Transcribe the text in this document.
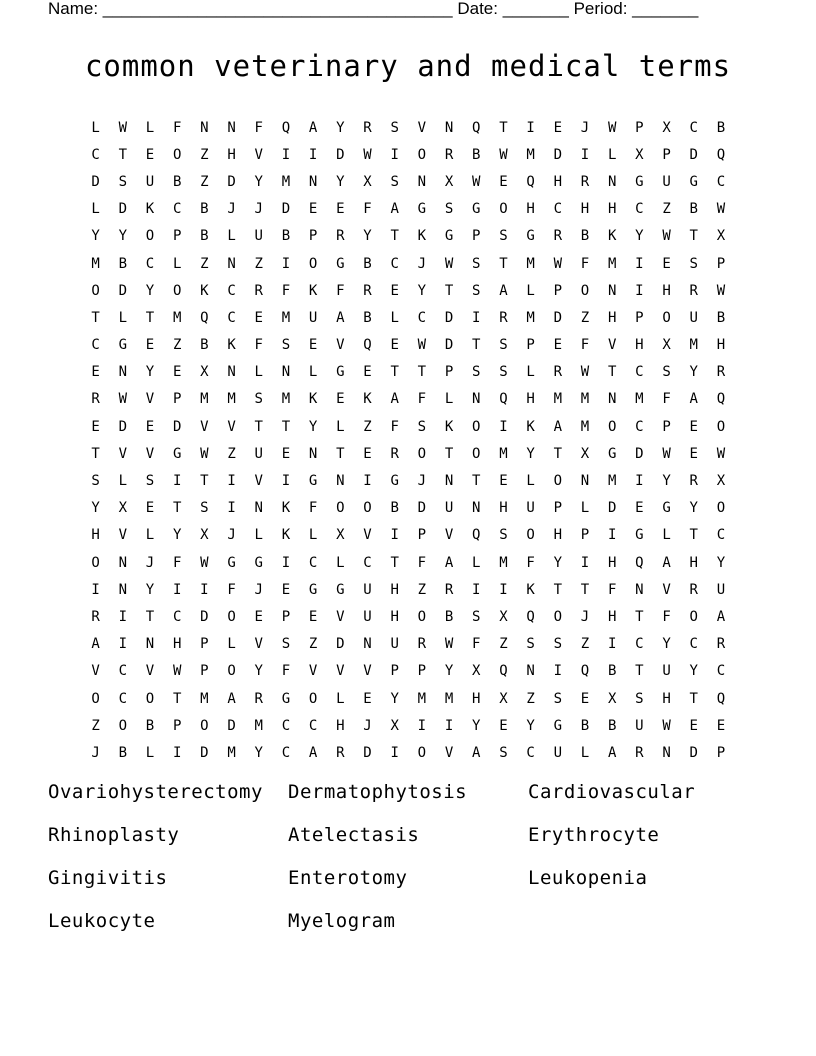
Name: _____________________________________ Date: _______ Period: _______
common veterinary and medical terms
L	W	L	F	N	N	F	Q	A	Y	R	S	V	N	Q	T	I	E	J	W	P	X	C	B
C	T	E	O	Z	H	V	I	I	D	W	I	O	R	B	W	M	D	I	L	X	P	D	Q
D	S	U	B	Z	D	Y	M	N	Y	X	S	N	X	W	E	Q	H	R	N	G	U	G	C
L	D	K	C	B	J	J	D	E	E	F	A	G	S	G	O	H	C	H	H	C	Z	B	W
Y	Y	O	P	B	L	U	B	P	R	Y	T	K	G	P	S	G	R	B	K	Y	W	T	X
M	B	C	L	Z	N	Z	I	O	G	B	C	J	W	S	T	M	W	F	M	I	E	S	P
O	D	Y	O	K	C	R	F	K	F	R	E	Y	T	S	A	L	P	O	N	I	H	R	W
T	L	T	M	Q	C	E	M	U	A	B	L	C	D	I	R	M	D	Z	H	P	O	U	B
C	G	E	Z	B	K	F	S	E	V	Q	E	W	D	T	S	P	E	F	V	H	X	M	H
E	N	Y	E	X	N	L	N	L	G	E	T	T	P	S	S	L	R	W	T	C	S	Y	R
R	W	V	P	M	M	S	M	K	E	K	A	F	L	N	Q	H	M	M	N	M	F	A	Q
E	D	E	D	V	V	T	T	Y	L	Z	F	S	K	O	I	K	A	M	O	C	P	E	O
T	V	V	G	W	Z	U	E	N	T	E	R	O	T	O	M	Y	T	X	G	D	W	E	W
S	L	S	I	T	I	V	I	G	N	I	G	J	N	T	E	L	O	N	M	I	Y	R	X
Y	X	E	T	S	I	N	K	F	O	O	B	D	U	N	H	U	P	L	D	E	G	Y	O
H	V	L	Y	X	J	L	K	L	X	V	I	P	V	Q	S	O	H	P	I	G	L	T	C
O	N	J	F	W	G	G	I	C	L	C	T	F	A	L	M	F	Y	I	H	Q	A	H	Y
I	N	Y	I	I	F	J	E	G	G	U	H	Z	R	I	I	K	T	T	F	N	V	R	U
R	I	T	C	D	O	E	P	E	V	U	H	O	B	S	X	Q	O	J	H	T	F	O	A
A	I	N	H	P	L	V	S	Z	D	N	U	R	W	F	Z	S	S	Z	I	C	Y	C	R
V	C	V	W	P	O	Y	F	V	V	V	P	P	Y	X	Q	N	I	Q	B	T	U	Y	C
O	C	O	T	M	A	R	G	O	L	E	Y	M	M	H	X	Z	S	E	X	S	H	T	Q
Z	O	B	P	O	D	M	C	C	H	J	X	I	I	Y	E	Y	G	B	B	U	W	E	E
J	B	L	I	D	M	Y	C	A	R	D	I	O	V	A	S	C	U	L	A	R	N	D	P
Ovariohysterectomy	Dermatophytosis	Cardiovascular
Rhinoplasty	Atelectasis	Erythrocyte
Gingivitis	Enterotomy	Leukopenia
Leukocyte	Myelogram
